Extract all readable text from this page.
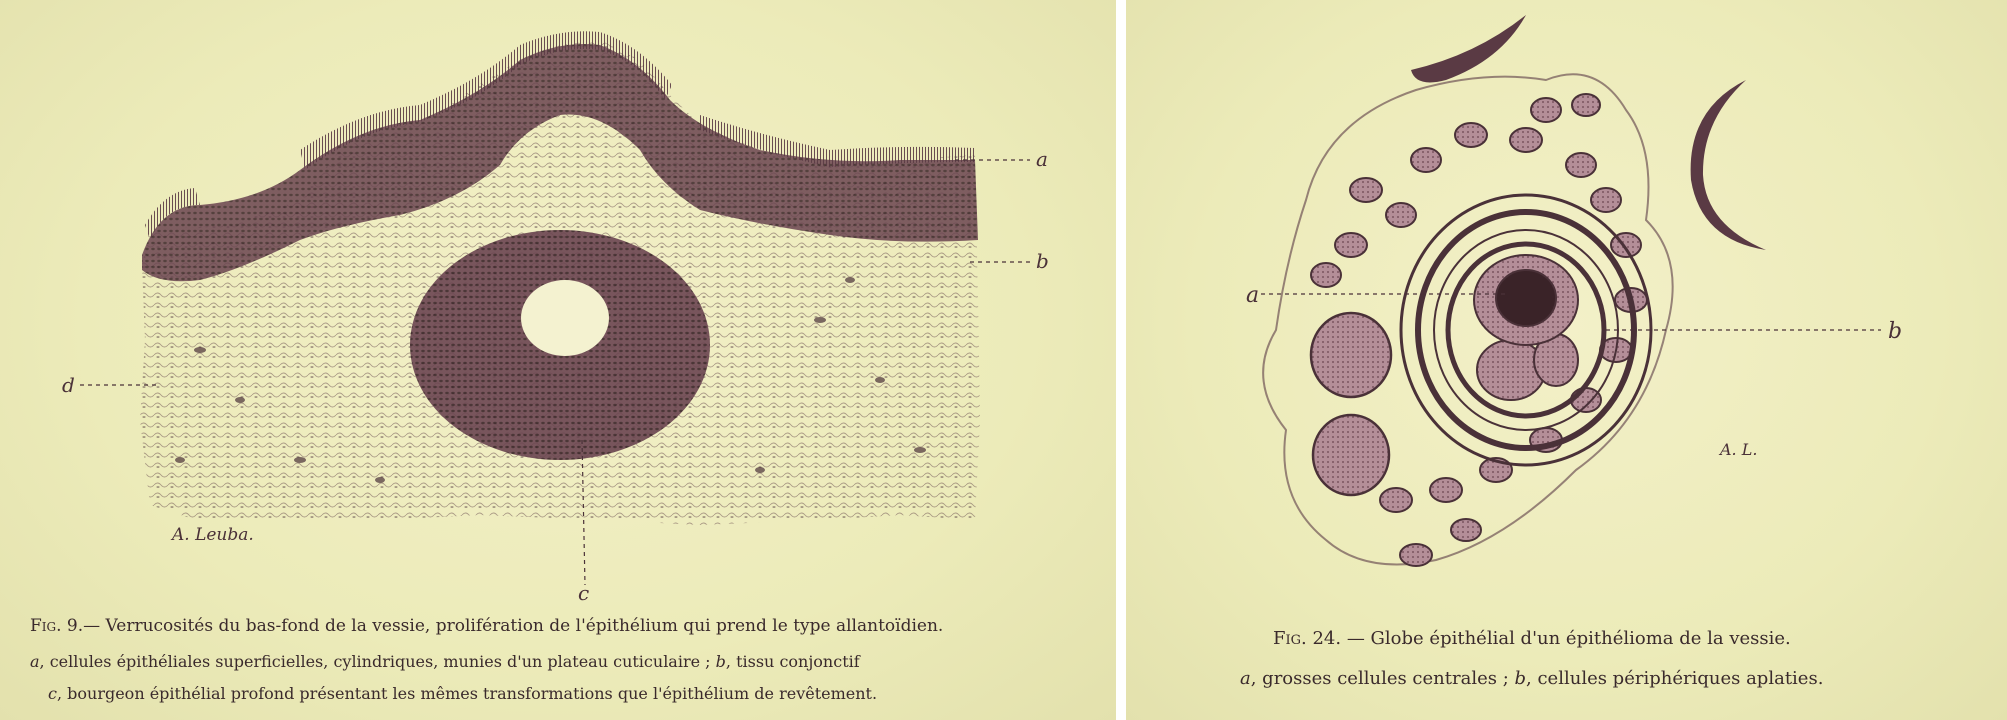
a
b
d
c
A. Leuba.
Fig. 9.— Verrucosités du bas-fond de la vessie, prolifération de l'épithélium qui prend le type allantoïdien.
a, cellules épithéliales superficielles, cylindriques, munies d'un plateau cuticulaire ; b, tissu conjonctif
c, bourgeon épithélial profond présentant les mêmes transformations que l'épithélium de revêtement.
a
b
A. L.
Fig. 24. — Globe épithélial d'un épithélioma de la vessie.
a, grosses cellules centrales ; b, cellules périphériques aplaties.
